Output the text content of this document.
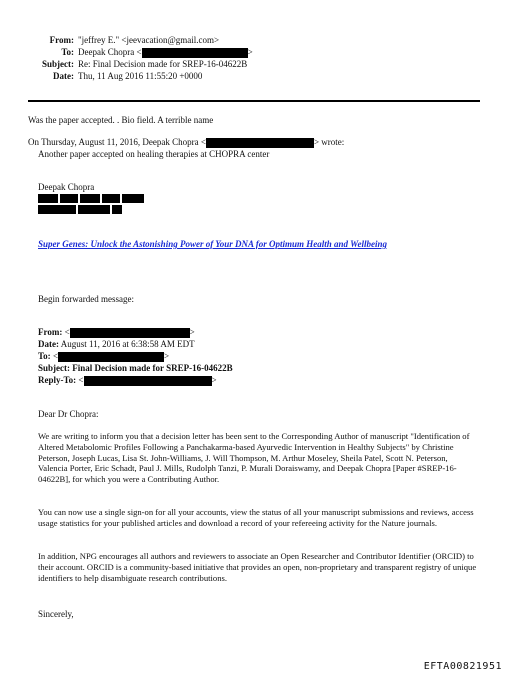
From: "jeffrey E." <jeevacation@gmail.com>
To: Deepak Chopra <	>
Subject: Re: Final Decision made for SREP-16-04622B
Date: Thu, 11 Aug 2016 11:55:20 +0000
Was the paper accepted. . Bio field. A terrible name
On Thursday, August 11, 2016, Deepak Chopra <	> wrote:
Another paper accepted on healing therapies at CHOPRA center
Deepak Chopra
Super Genes: Unlock the Astonishing Power of Your DNA for Optimum Health and Wellbeing
Begin forwarded message:
From: <	>
Date: August 11, 2016 at 6:38:58 AM EDT
To: <	>
Subject: Final Decision made for SREP-16-04622B
Reply-To: <	>
Dear Dr Chopra:
We are writing to inform you that a decision letter has been sent to the Corresponding Author of manuscript "Identification of Altered Metabolomic Profiles Following a Panchakarma-based Ayurvedic Intervention in Healthy Subjects" by Christine Peterson, Joseph Lucas, Lisa St. John-Williams, J. Will Thompson, M. Arthur Moseley, Sheila Patel, Scott N. Peterson, Valencia Porter, Eric Schadt, Paul J. Mills, Rudolph Tanzi, P. Murali Doraiswamy, and Deepak Chopra [Paper #SREP-16-04622B], for which you were a Contributing Author.
You can now use a single sign-on for all your accounts, view the status of all your manuscript submissions and reviews, access usage statistics for your published articles and download a record of your refereeing activity for the Nature journals.
In addition, NPG encourages all authors and reviewers to associate an Open Researcher and Contributor Identifier (ORCID) to their account. ORCID is a community-based initiative that provides an open, non-proprietary and transparent registry of unique identifiers to help disambiguate research contributions.
Sincerely,
EFTA00821951
